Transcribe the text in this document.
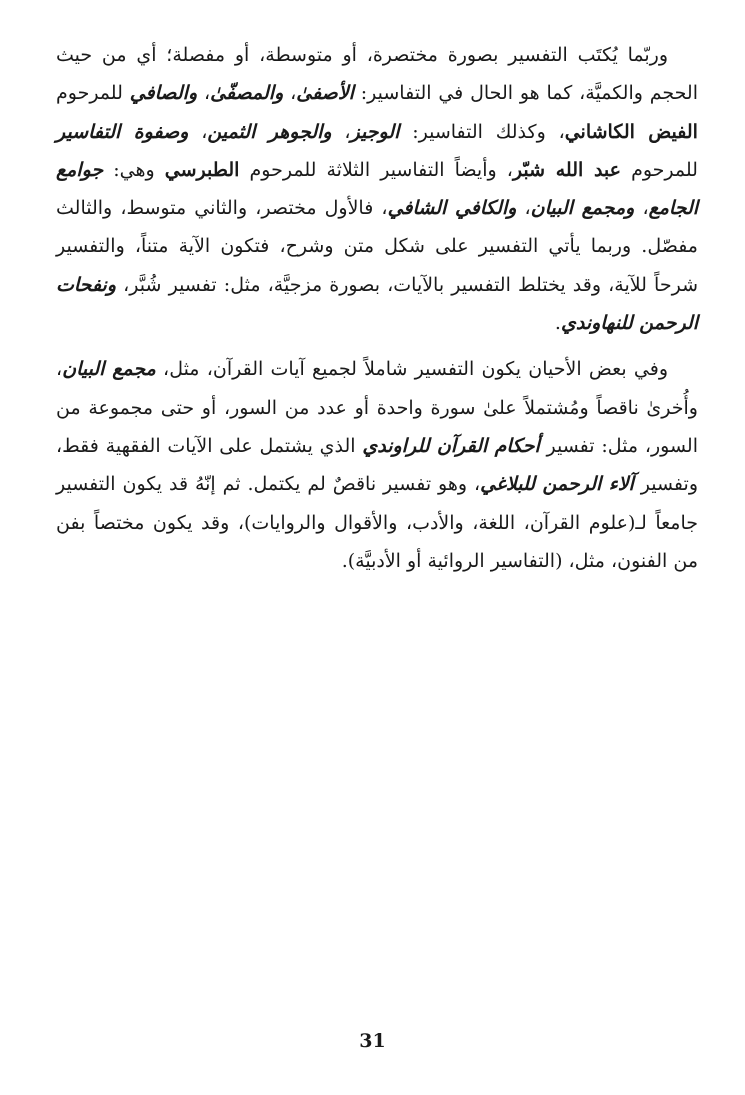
وربّما يُكتَب التفسير بصورة مختصرة، أو متوسطة، أو مفصلة؛ أي من حيث الحجم والكميَّة، كما هو الحال في التفاسير: الأصفىٰ، والمصفّىٰ، والصافي للمرحوم الفيض الكاشاني، وكذلك التفاسير: الوجيز، والجوهر الثمين، وصفوة التفاسير للمرحوم عبد الله شبّر، وأيضاً التفاسير الثلاثة للمرحوم الطبرسي وهي: جوامع الجامع، ومجمع البيان، والكافي الشافي، فالأول مختصر، والثاني متوسط، والثالث مفصّل. وربما يأتي التفسير على شكل متن وشرح، فتكون الآية متناً، والتفسير شرحاً للآية، وقد يختلط التفسير بالآيات، بصورة مزجيَّة، مثل: تفسير شُبَّر، ونفحات الرحمن للنهاوندي.

وفي بعض الأحيان يكون التفسير شاملاً لجميع آيات القرآن، مثل، مجمع البيان، وأُخرىٰ ناقصاً ومُشتملاً علىٰ سورة واحدة أو عدد من السور، أو حتى مجموعة من السور، مثل: تفسير أحكام القرآن للراوندي الذي يشتمل على الآيات الفقهية فقط، وتفسير آلاء الرحمن للبلاغي، وهو تفسير ناقصٌ لم يكتمل. ثم إنّهُ قد يكون التفسير جامعاً لـ(علوم القرآن، اللغة، والأدب، والأقوال والروايات)، وقد يكون مختصاً بفن من الفنون، مثل، (التفاسير الروائية أو الأدبيَّة).

31
